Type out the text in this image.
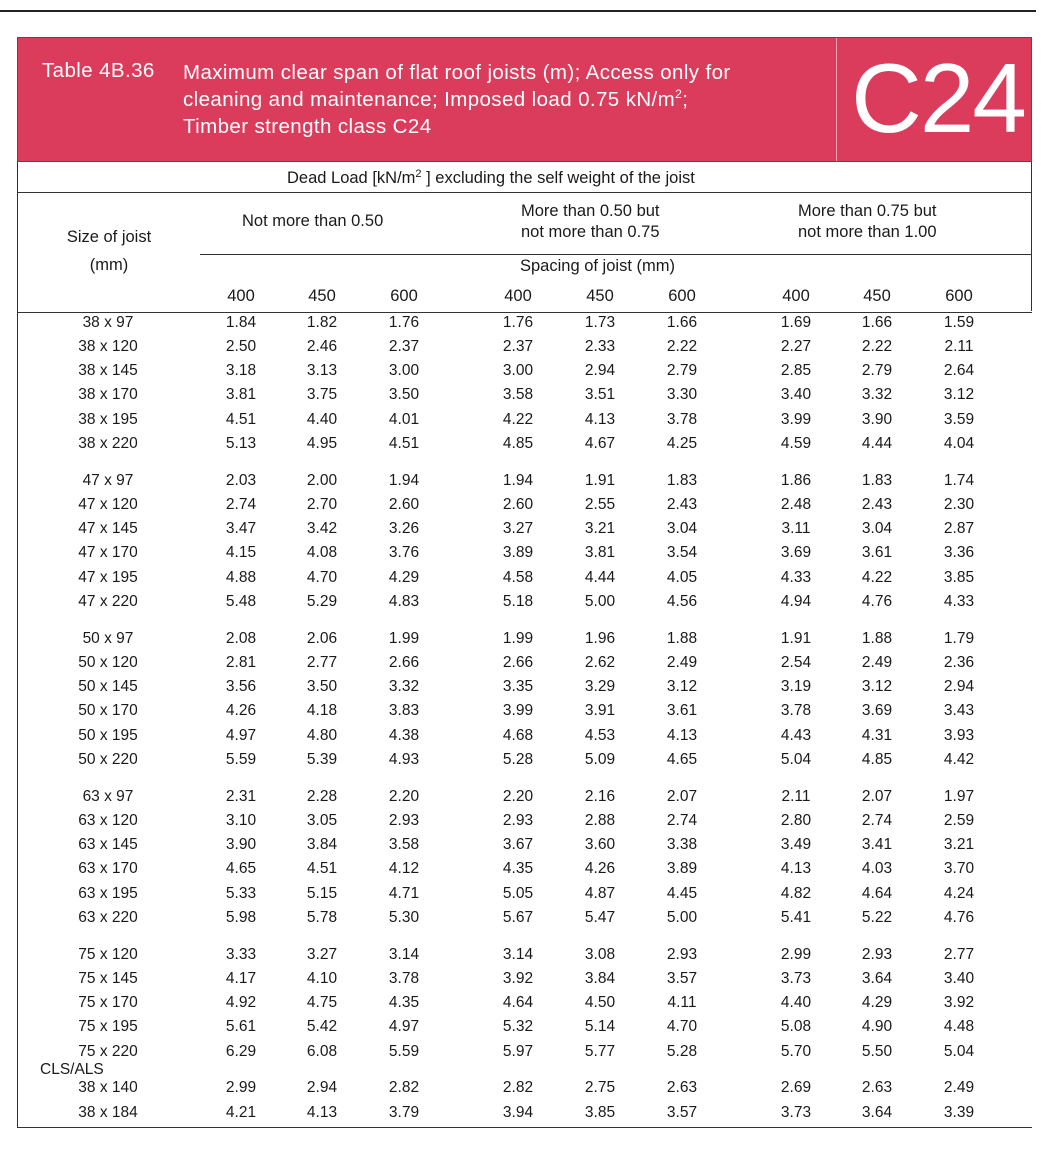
Table 4B.36 Maximum clear span of flat roof joists (m); Access only for
cleaning and maintenance; Imposed load 0.75 $kN/m^2$;
Timber strength class C24	C24
Dead Load [$kN/m^2$ ] excluding the self weight of the joist
Size of joist
(mm)
Not more than 0.50
More than 0.50 but
not more than 0.75
More than 0.75 but
not more than 1.00
Spacing of joist (mm)
400	450	600	400	450	600	400	450	600
38 x 97	1.84	1.82	1.76	1.76	1.73	1.66	1.69	1.66	1.59
38 x 120	2.50	2.46	2.37	2.37	2.33	2.22	2.27	2.22	2.11
38 x 145	3.18	3.13	3.00	3.00	2.94	2.79	2.85	2.79	2.64
38 x 170	3.81	3.75	3.50	3.58	3.51	3.30	3.40	3.32	3.12
38 x 195	4.51	4.40	4.01	4.22	4.13	3.78	3.99	3.90	3.59
38 x 220	5.13	4.95	4.51	4.85	4.67	4.25	4.59	4.44	4.04
47 x 97	2.03	2.00	1.94	1.94	1.91	1.83	1.86	1.83	1.74
47 x 120	2.74	2.70	2.60	2.60	2.55	2.43	2.48	2.43	2.30
47 x 145	3.47	3.42	3.26	3.27	3.21	3.04	3.11	3.04	2.87
47 x 170	4.15	4.08	3.76	3.89	3.81	3.54	3.69	3.61	3.36
47 x 195	4.88	4.70	4.29	4.58	4.44	4.05	4.33	4.22	3.85
47 x 220	5.48	5.29	4.83	5.18	5.00	4.56	4.94	4.76	4.33
50 x 97	2.08	2.06	1.99	1.99	1.96	1.88	1.91	1.88	1.79
50 x 120	2.81	2.77	2.66	2.66	2.62	2.49	2.54	2.49	2.36
50 x 145	3.56	3.50	3.32	3.35	3.29	3.12	3.19	3.12	2.94
50 x 170	4.26	4.18	3.83	3.99	3.91	3.61	3.78	3.69	3.43
50 x 195	4.97	4.80	4.38	4.68	4.53	4.13	4.43	4.31	3.93
50 x 220	5.59	5.39	4.93	5.28	5.09	4.65	5.04	4.85	4.42
63 x 97	2.31	2.28	2.20	2.20	2.16	2.07	2.11	2.07	1.97
63 x 120	3.10	3.05	2.93	2.93	2.88	2.74	2.80	2.74	2.59
63 x 145	3.90	3.84	3.58	3.67	3.60	3.38	3.49	3.41	3.21
63 x 170	4.65	4.51	4.12	4.35	4.26	3.89	4.13	4.03	3.70
63 x 195	5.33	5.15	4.71	5.05	4.87	4.45	4.82	4.64	4.24
63 x 220	5.98	5.78	5.30	5.67	5.47	5.00	5.41	5.22	4.76
75 x 120	3.33	3.27	3.14	3.14	3.08	2.93	2.99	2.93	2.77
75 x 145	4.17	4.10	3.78	3.92	3.84	3.57	3.73	3.64	3.40
75 x 170	4.92	4.75	4.35	4.64	4.50	4.11	4.40	4.29	3.92
75 x 195	5.61	5.42	4.97	5.32	5.14	4.70	5.08	4.90	4.48
75 x 220	6.29	6.08	5.59	5.97	5.77	5.28	5.70	5.50	5.04
38 x 140	2.99	2.94	2.82	2.82	2.75	2.63	2.69	2.63	2.49
38 x 184	4.21	4.13	3.79	3.94	3.85	3.57	3.73	3.64	3.39
CLS/ALS
